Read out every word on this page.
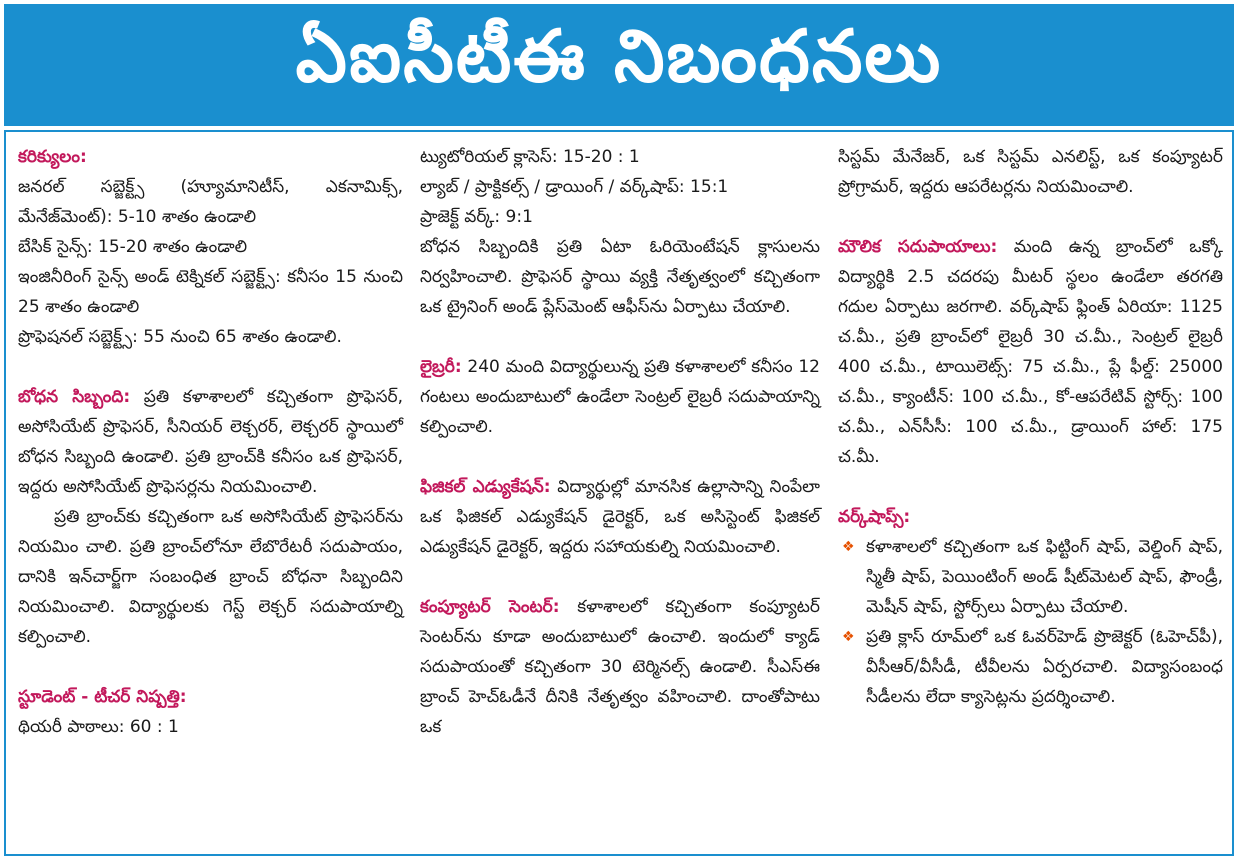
ఏఐసీటీఈ నిబంధనలు
కరిక్యులం:

జనరల్ సబ్జెక్ట్స్ (హ్యూమానిటీస్, ఎకనామిక్స్, మేనేజ్‌మెంట్): 5-10 శాతం ఉండాలి

బేసిక్ సైన్స్: 15-20 శాతం ఉండాలి

ఇంజినీరింగ్ సైన్స్ అండ్ టెక్నికల్ సబ్జెక్ట్స్: కనీసం 15 నుంచి 25 శాతం ఉండాలి

ప్రొఫెషనల్ సబ్జెక్ట్స్: 55 నుంచి 65 శాతం ఉండాలి.

బోధన సిబ్బంది: ప్రతి కళాశాలలో కచ్చితంగా ప్రొఫెసర్, అసోసియేట్ ప్రొఫెసర్, సీనియర్ లెక్చరర్, లెక్చరర్ స్థాయిలో బోధన సిబ్బంది ఉండాలి. ప్రతి బ్రాంచ్‌కి కనీసం ఒక ప్రొఫెసర్, ఇద్దరు అసోసియేట్ ప్రొఫెసర్లను నియమించాలి.

ప్రతి బ్రాంచ్‌కు కచ్చితంగా ఒక అసోసియేట్ ప్రొఫెసర్‌ను నియమిం చాలి. ప్రతి బ్రాంచ్‌లోనూ లేబొరేటరీ సదుపాయం, దానికి ఇన్‌చార్జ్‌గా సంబంధిత బ్రాంచ్ బోధనా సిబ్బందిని నియమించాలి. విద్యార్థులకు గెస్ట్ లెక్చర్ సదుపాయాల్ని కల్పించాలి.

స్టూడెంట్ - టీచర్ నిష్పత్తి:

థియరీ పాఠాలు: 60 : 1

ట్యుటోరియల్ క్లాసెస్: 15-20 : 1

ల్యాబ్ / ప్రాక్టికల్స్ / డ్రాయింగ్ / వర్క్‌షాప్: 15:1

ప్రాజెక్ట్ వర్క్: 9:1

బోధన సిబ్బందికి ప్రతి ఏటా ఓరియెంటేషన్ క్లాసులను నిర్వహించాలి. ప్రొఫెసర్ స్థాయి వ్యక్తి నేతృత్వంలో కచ్చితంగా ఒక ట్రైనింగ్ అండ్ ప్లేస్‌మెంట్ ఆఫీస్‌ను ఏర్పాటు చేయాలి.

లైబ్రరీ: 240 మంది విద్యార్థులున్న ప్రతి కళాశాలలో కనీసం 12 గంటలు అందుబాటులో ఉండేలా సెంట్రల్ లైబ్రరీ సదుపాయాన్ని కల్పించాలి.

ఫిజికల్ ఎడ్యుకేషన్: విద్యార్థుల్లో మానసిక ఉల్లాసాన్ని నింపేలా ఒక ఫిజికల్ ఎడ్యుకేషన్ డైరెక్టర్, ఒక అసిస్టెంట్ ఫిజికల్ ఎడ్యుకేషన్ డైరెక్టర్, ఇద్దరు సహాయకుల్ని నియమించాలి.

కంప్యూటర్ సెంటర్: కళాశాలలో కచ్చితంగా కంప్యూటర్ సెంటర్‌ను కూడా అందుబాటులో ఉంచాలి. ఇందులో క్యాడ్ సదుపాయంతో కచ్చితంగా 30 టెర్మినల్స్ ఉండాలి. సీఎస్ఈ బ్రాంచ్ హెచ్ఓడీనే దీనికి నేతృత్వం వహించాలి. దాంతోపాటు ఒక

సిస్టమ్ మేనేజర్, ఒక సిస్టమ్ ఎనలిస్ట్, ఒక కంప్యూటర్ ప్రోగ్రామర్, ఇద్దరు ఆపరేటర్లను నియమించాలి.

మౌలిక సదుపాయాలు: మంది ఉన్న బ్రాంచ్‌లో ఒక్కో విద్యార్థికి 2.5 చదరపు మీటర్ స్థలం ఉండేలా తరగతి గదుల ఏర్పాటు జరగాలి. వర్క్‌షాప్ ఫ్లింత్ ఏరియా: 1125 చ.మీ., ప్రతి బ్రాంచ్‌లో లైబ్రరీ 30 చ.మీ., సెంట్రల్ లైబ్రరీ 400 చ.మీ., టాయిలెట్స్: 75 చ.మీ., ప్లే ఫీల్డ్: 25000 చ.మీ., క్యాంటీన్: 100 చ.మీ., కో-ఆపరేటివ్ స్టోర్స్: 100 చ.మీ., ఎన్‌సీసీ: 100 చ.మీ., డ్రాయింగ్ హాల్: 175 చ.మీ.

వర్క్‌షాప్స్:
❖ కళాశాలలో కచ్చితంగా ఒక ఫిట్టింగ్ షాప్, వెల్డింగ్ షాప్, స్మితీ షాప్, పెయింటింగ్ అండ్ షీట్‌మెటల్ షాప్, ఫౌండ్రీ, మెషీన్ షాప్, స్టోర్స్‌లు ఏర్పాటు చేయాలి.
❖ ప్రతి క్లాస్ రూమ్‌లో ఒక ఓవర్‌హెడ్ ప్రొజెక్టర్ (ఓహెచ్‌పీ), వీసీఆర్/వీసీడీ, టీవీలను ఏర్పరచాలి. విద్యాసంబంధ సీడీలను లేదా క్యాసెట్లను ప్రదర్శించాలి.
